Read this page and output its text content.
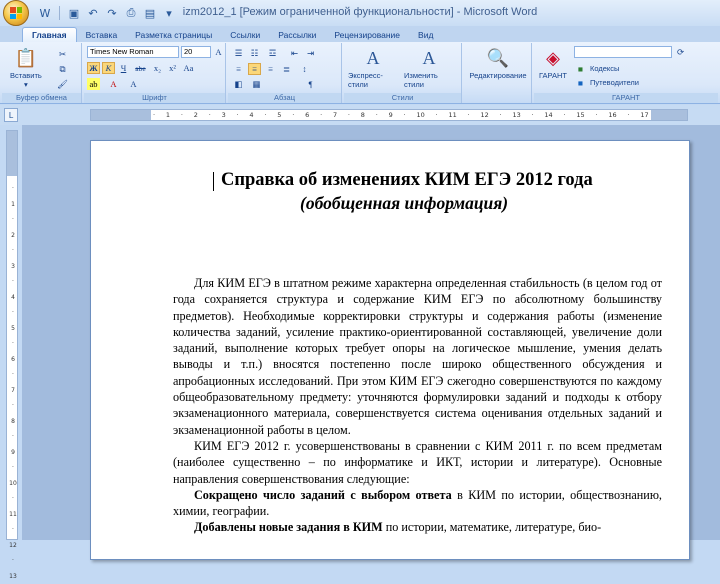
W ▣ ↶ ↷ ⎙ ▤	▾ izm2012_1 [Режим ограниченной функциональности] - Microsoft Word
Главная	Вставка	Разметка страницы	Ссылки	Рассылки	Рецензирование	Вид
📋
Вставить
▾
✂
⧉
🖌
Буфер обмена
Times New Roman	20	A
Ж К	Ч	abe x₂ x² Aa
ab	A	A
Шрифт
☰ ☷	☲	⇤	⇥
≡	≡	≡	≣	↕
◧ ▦	¶
Абзац
A
Экспресс-стили
A
Изменить стили
Стили
🔍
Редактирование
◈
ГАРАНТ
⟳
■ Кодексы
■ Путеводители
ГАРАНТ
L	· 1 · 2 · 3 · 4 · 5 · 6 · 7 · 8 · 9 · 10 · 11 · 12 · 13 · 14 · 15 · 16 · 17
Справка об изменениях КИМ ЕГЭ 2012 года
(обобщенная информация)

Для КИМ ЕГЭ в штатном режиме характерна определенная стабильность (в целом год от года сохраняется структура и содержание КИМ ЕГЭ по абсолютному большинству предметов). Необходимые корректировки структуры и содержания работы (изменение количества заданий, усиление практико-ориентированной составляющей, увеличение доли заданий, выполнение которых требует опоры на логическое мышление, умения делать выводы и т.п.) вносятся постепенно после широко общественного обсуждения и апробационных исследований. При этом КИМ ЕГЭ сжегодно совершенствуются по каждому общеобразовательному предмету: уточняются формулировки заданий и подходы к отбору экзаменационного материала, совершенствуется система оценивания отдельных заданий и экзаменационной работы в целом.

КИМ ЕГЭ 2012 г. усовершенствованы в сравнении с КИМ 2011 г. по всем предметам (наиболее существенно – по информатике и ИКТ, истории и литературе). Основные направления совершенствования следующие:

Сокращено число заданий с выбором ответа в КИМ по истории, обществознанию, химии, географии.

Добавлены новые задания в КИМ по истории, математике, литературе, био-

·
1
·
2
·
3
·
4
·
5
·
6
·
7
·
8
·
9
·
10
·
11
·
12
·
13
